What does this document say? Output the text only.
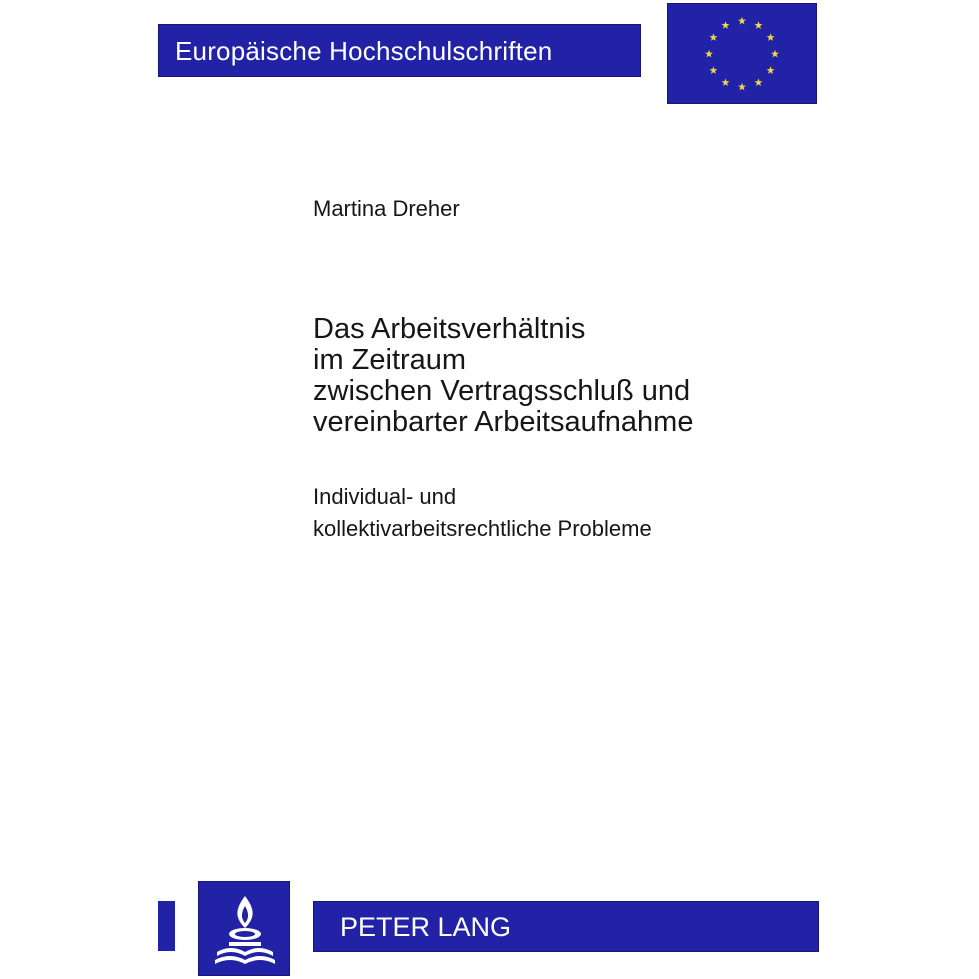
Europäische Hochschulschriften
Martina Dreher
Das Arbeitsverhältnis
im Zeitraum
zwischen Vertragsschluß und
vereinbarter Arbeitsaufnahme
Individual- und
kollektivarbeitsrechtliche Probleme
PETER LANG
